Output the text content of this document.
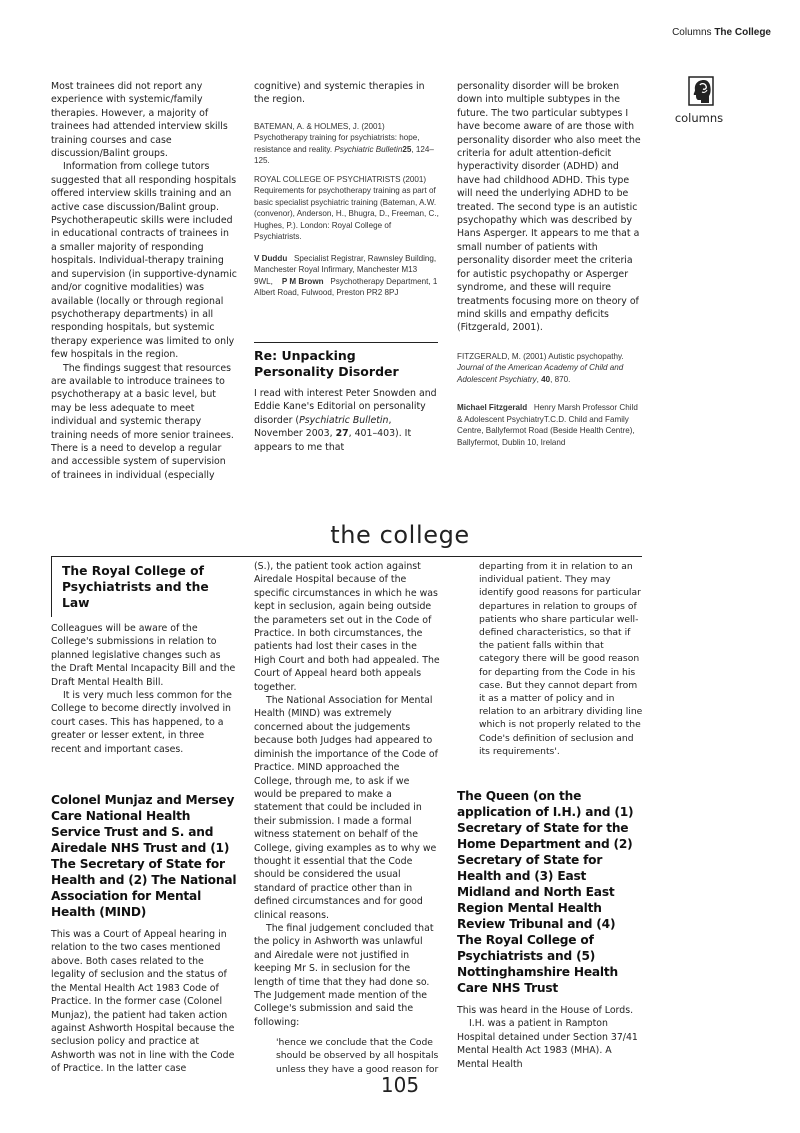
Columns The College
columns

Most trainees did not report any experience with systemic/family therapies. However, a majority of trainees had attended interview skills training courses and case discussion/Balint groups.

Information from college tutors suggested that all responding hospitals offered interview skills training and an active case discussion/Balint group. Psychotherapeutic skills were included in educational contracts of trainees in a smaller majority of responding hospitals. Individual-therapy training and supervision (in supportive-dynamic and/or cognitive modalities) was available (locally or through regional psychotherapy departments) in all responding hospitals, but systemic therapy experience was limited to only few hospitals in the region.

The findings suggest that resources are available to introduce trainees to psychotherapy at a basic level, but may be less adequate to meet individual and systemic therapy training needs of more senior trainees. There is a need to develop a regular and accessible system of supervision of trainees in individual (especially

cognitive) and systemic therapies in the region.

BATEMAN, A. & HOLMES, J. (2001) Psychotherapy training for psychiatrists: hope, resistance and reality. Psychiatric Bulletin25, 124–125.

ROYAL COLLEGE OF PSYCHIATRISTS (2001) Requirements for psychotherapy training as part of basic specialist psychiatric training (Bateman, A.W. (convenor), Anderson, H., Bhugra, D., Freeman, C., Hughes, P.). London: Royal College of Psychiatrists.

V Duddu Specialist Registrar, Rawnsley Building, Manchester Royal Infirmary, Manchester M13 9WL, P M Brown Psychotherapy Department, 1 Albert Road, Fulwood, Preston PR2 8PJ

Re: Unpacking Personality Disorder

I read with interest Peter Snowden and Eddie Kane's Editorial on personality disorder (Psychiatric Bulletin, November 2003, 27, 401–403). It appears to me that

personality disorder will be broken down into multiple subtypes in the future. The two particular subtypes I have become aware of are those with personality disorder who also meet the criteria for adult attention-deficit hyperactivity disorder (ADHD) and have had childhood ADHD. This type will need the underlying ADHD to be treated. The second type is an autistic psychopathy which was described by Hans Asperger. It appears to me that a small number of patients with personality disorder meet the criteria for autistic psychopathy or Asperger syndrome, and these will require treatments focusing more on theory of mind skills and empathy deficits (Fitzgerald, 2001).

FITZGERALD, M. (2001) Autistic psychopathy. Journal of the American Academy of Child and Adolescent Psychiatry, 40, 870.

Michael Fitzgerald Henry Marsh Professor Child & Adolescent PsychiatryT.C.D. Child and Family Centre, Ballyfermot Road (Beside Health Centre), Ballyfermot, Dublin 10, Ireland

the college
The Royal College of Psychiatrists and the Law

Colleagues will be aware of the College's submissions in relation to planned legislative changes such as the Draft Mental Incapacity Bill and the Draft Mental Health Bill.

It is very much less common for the College to become directly involved in court cases. This has happened, to a greater or lesser extent, in three recent and important cases.

Colonel Munjaz and Mersey Care National Health Service Trust and S. and Airedale NHS Trust and (1) The Secretary of State for Health and (2) The National Association for Mental Health (MIND)

This was a Court of Appeal hearing in relation to the two cases mentioned above. Both cases related to the legality of seclusion and the status of the Mental Health Act 1983 Code of Practice. In the former case (Colonel Munjaz), the patient had taken action against Ashworth Hospital because the seclusion policy and practice at Ashworth was not in line with the Code of Practice. In the latter case

(S.), the patient took action against Airedale Hospital because of the specific circumstances in which he was kept in seclusion, again being outside the parameters set out in the Code of Practice. In both circumstances, the patients had lost their cases in the High Court and both had appealed. The Court of Appeal heard both appeals together.

The National Association for Mental Health (MIND) was extremely concerned about the judgements because both Judges had appeared to diminish the importance of the Code of Practice. MIND approached the College, through me, to ask if we would be prepared to make a statement that could be included in their submission. I made a formal witness statement on behalf of the College, giving examples as to why we thought it essential that the Code should be considered the usual standard of practice other than in defined circumstances and for good clinical reasons.

The final judgement concluded that the policy in Ashworth was unlawful and Airedale were not justified in keeping Mr S. in seclusion for the length of time that they had done so. The Judgement made mention of the College's submission and said the following:

'hence we conclude that the Code should be observed by all hospitals unless they have a good reason for

departing from it in relation to an individual patient. They may identify good reasons for particular departures in relation to groups of patients who share particular well-defined characteristics, so that if the patient falls within that category there will be good reason for departing from the Code in his case. But they cannot depart from it as a matter of policy and in relation to an arbitrary dividing line which is not properly related to the Code's definition of seclusion and its requirements'.

The Queen (on the application of I.H.) and (1) Secretary of State for the Home Department and (2) Secretary of State for Health and (3) East Midland and North East Region Mental Health Review Tribunal and (4) The Royal College of Psychiatrists and (5) Nottinghamshire Health Care NHS Trust

This was heard in the House of Lords.

I.H. was a patient in Rampton Hospital detained under Section 37/41 Mental Health Act 1983 (MHA). A Mental Health

105
